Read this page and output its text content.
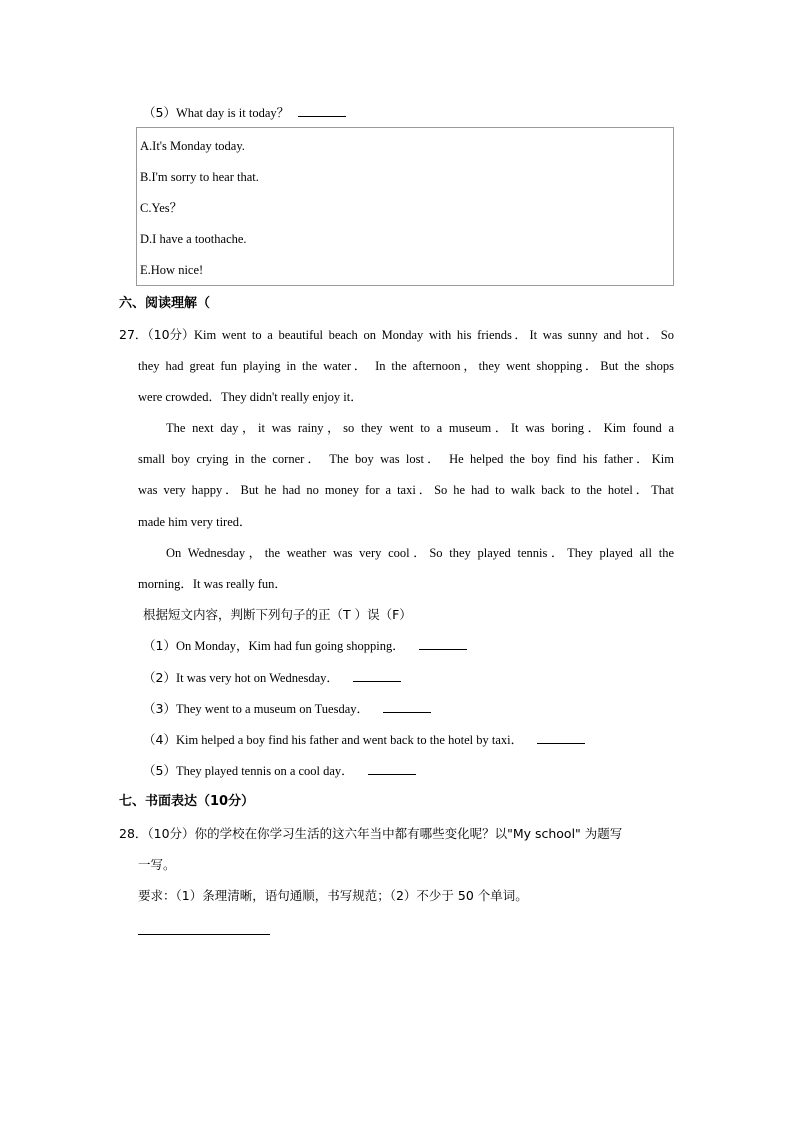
（5）What day is it today？
A.It's Monday today.
B.I'm sorry to hear that.
C.Yes？
D.I have a toothache.
E.How nice!
六、阅读理解（
27．（10分） Kim went to a beautiful beach on Monday with his friends．It was sunny and hot．So
they had great fun playing in the water． In the afternoon，they went shopping．But the shops
were crowded．They didn't really enjoy it．
The next day，it was rainy，so they went to a museum．It was boring．Kim found a
small boy crying in the corner． The boy was lost． He helped the boy find his father．Kim
was very happy．But he had no money for a taxi．So he had to walk back to the hotel．That
made him very tired．
On Wednesday，the weather was very cool．So they played tennis．They played all the
morning．It was really fun．
根据短文内容，判断下列句子的正（T ）误（F）
（1）On Monday，Kim had fun going shopping．
（2）It was very hot on Wednesday．
（3）They went to a museum on Tuesday．
（4）Kim helped a boy find his father and went back to the hotel by taxi．
（5）They played tennis on a cool day．
七、书面表达（10分）
28．（10分）你的学校在你学习生活的这六年当中都有哪些变化呢？以"My school" 为题写
一写。
要求：（1）条理清晰，语句通顺，书写规范；（2）不少于 50 个单词。
